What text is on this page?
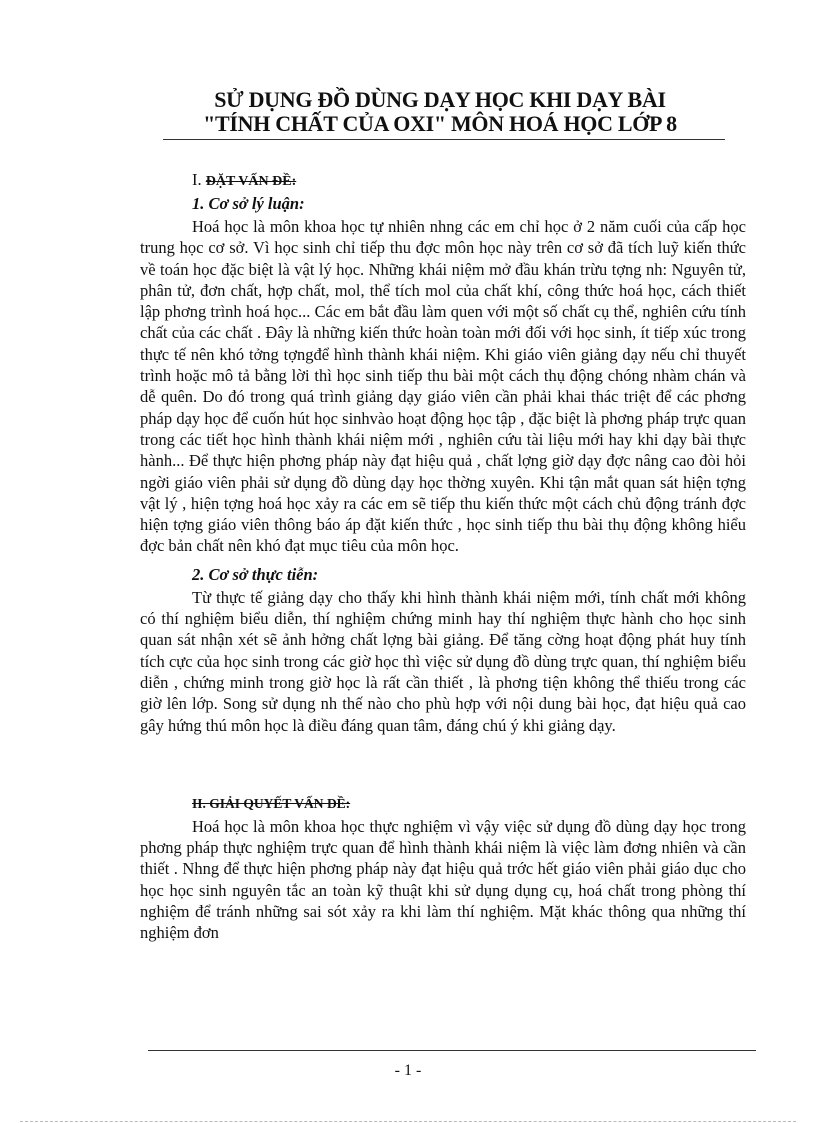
SỬ DỤNG ĐỒ DÙNG DẠY HỌC KHI DẠY BÀI
"TÍNH CHẤT CỦA OXI" MÔN HOÁ HỌC LỚP 8
I. ĐẶT VẤN ĐỀ:
1. Cơ sở lý luận:

Hoá học là môn khoa học tự nhiên nhng các em chỉ học ở 2 năm cuối của cấp học trung học cơ sở. Vì học sinh chỉ tiếp thu đợc môn học này trên cơ sở đã tích luỹ kiến thức về toán học đặc biệt là vật lý học. Những khái niệm mở đầu khán trừu tợng nh: Nguyên tử, phân tử, đơn chất, hợp chất, mol, thể tích mol của chất khí, công thức hoá học, cách thiết lập phơng trình hoá học... Các em bắt đầu làm quen với một số chất cụ thể, nghiên cứu tính chất của các chất . Đây là những kiến thức hoàn toàn mới đối với học sinh, ít tiếp xúc trong thực tế nên khó tởng tợngđể hình thành khái niệm. Khi giáo viên giảng dạy nếu chỉ thuyết trình hoặc mô tả bằng lời thì học sinh tiếp thu bài một cách thụ động chóng nhàm chán và dễ quên. Do đó trong quá trình giảng dạy giáo viên cần phải khai thác triệt để các phơng pháp dạy học để cuốn hút học sinhvào hoạt động học tập , đặc biệt là phơng pháp trực quan trong các tiết học hình thành khái niệm mới , nghiên cứu tài liệu mới hay khi dạy bài thực hành... Để thực hiện phơng pháp này đạt hiệu quả , chất lợng giờ dạy đợc nâng cao đòi hỏi ngời giáo viên phải sử dụng đồ dùng dạy học thờng xuyên. Khi tận mắt quan sát hiện tợng vật lý , hiện tợng hoá học xảy ra các em sẽ tiếp thu kiến thức một cách chủ động tránh đợc hiện tợng giáo viên thông báo áp đặt kiến thức , học sinh tiếp thu bài thụ động không hiểu đợc bản chất nên khó đạt mục tiêu của môn học.

2. Cơ sở thực tiễn:

Từ thực tế giảng dạy cho thấy khi hình thành khái niệm mới, tính chất mới không có thí nghiệm biểu diễn, thí nghiệm chứng minh hay thí nghiệm thực hành cho học sinh quan sát nhận xét sẽ ảnh hởng chất lợng bài giảng. Để tăng cờng hoạt động phát huy tính tích cực của học sinh trong các giờ học thì việc sử dụng đồ dùng trực quan, thí nghiệm biểu diễn , chứng minh trong giờ học là rất cần thiết , là phơng tiện không thể thiếu trong các giờ lên lớp. Song sử dụng nh thế nào cho phù hợp với nội dung bài học, đạt hiệu quả cao gây hứng thú môn học là điều đáng quan tâm, đáng chú ý khi giảng dạy.

II. GIẢI QUYẾT VẤN ĐỀ:

Hoá học là môn khoa học thực nghiệm vì vậy việc sử dụng đồ dùng dạy học trong phơng pháp thực nghiệm trực quan để hình thành khái niệm là việc làm đơng nhiên và cần thiết . Nhng để thực hiện phơng pháp này đạt hiệu quả trớc hết giáo viên phải giáo dục cho học học sinh nguyên tắc an toàn kỹ thuật khi sử dụng dụng cụ, hoá chất trong phòng thí nghiệm để tránh những sai sót xảy ra khi làm thí nghiệm. Mặt khác thông qua những thí nghiệm đơn

- 1 -
